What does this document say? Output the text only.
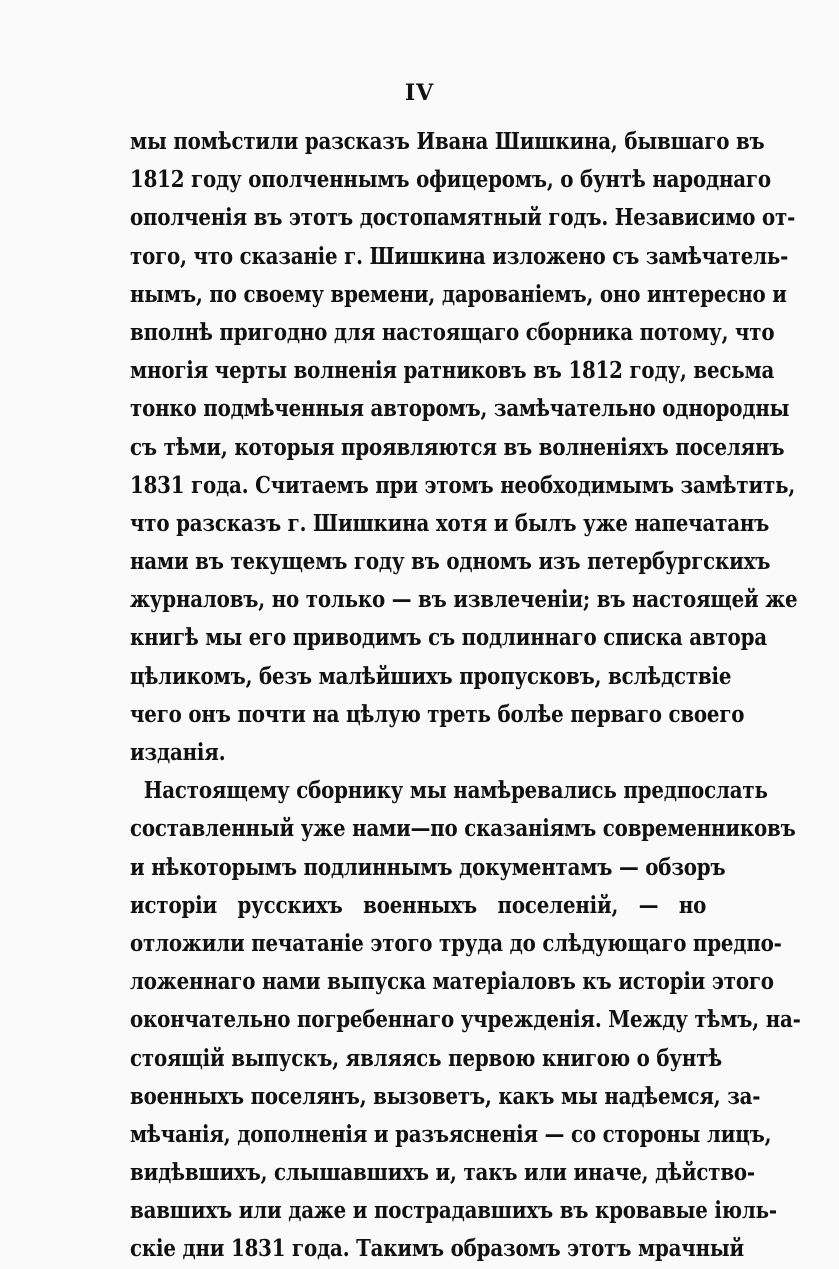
IV
мы помѣстили разсказъ Ивана Шишкина, бывшаго въ
1812 году ополченнымъ офицеромъ, о бунтѣ народнаго
ополченія въ этотъ достопамятный годъ. Независимо от-
того, что сказаніе г. Шишкина изложено съ замѣчатель-
нымъ, по своему времени, дарованіемъ, оно интересно и
вполнѣ пригодно для настоящаго сборника потому, что
многія черты волненія ратниковъ въ 1812 году, весьма
тонко подмѣченныя авторомъ, замѣчательно однородны
съ тѣми, которыя проявляются въ волненіяхъ поселянъ
1831 года. Считаемъ при этомъ необходимымъ замѣтить,
что разсказъ г. Шишкина хотя и былъ уже напечатанъ
нами въ текущемъ году въ одномъ изъ петербургскихъ
журналовъ, но только — въ извлеченіи; въ настоящей же
книгѣ мы его приводимъ съ подлиннаго списка автора
цѣликомъ, безъ малѣйшихъ пропусковъ, вслѣдствіе
чего онъ почти на цѣлую треть болѣе перваго своего
изданія.
Настоящему сборнику мы намѣревались предпослать
составленный уже нами—по сказаніямъ современниковъ
и нѣкоторымъ подлиннымъ документамъ — обзоръ
исторіи русскихъ военныхъ поселеній, — но
отложили печатаніе этого труда до слѣдующаго предпо-
ложеннаго нами выпуска матеріаловъ къ исторіи этого
окончательно погребеннаго учрежденія. Между тѣмъ, на-
стоящій выпускъ, являясь первою книгою о бунтѣ
военныхъ поселянъ, вызоветъ, какъ мы надѣемся, за-
мѣчанія, дополненія и разъясненія — со стороны лицъ,
видѣвшихъ, слышавшихъ и, такъ или иначе, дѣйство-
вавшихъ или даже и пострадавшихъ въ кровавые іюль-
скіе дни 1831 года. Такимъ образомъ этотъ мрачный
